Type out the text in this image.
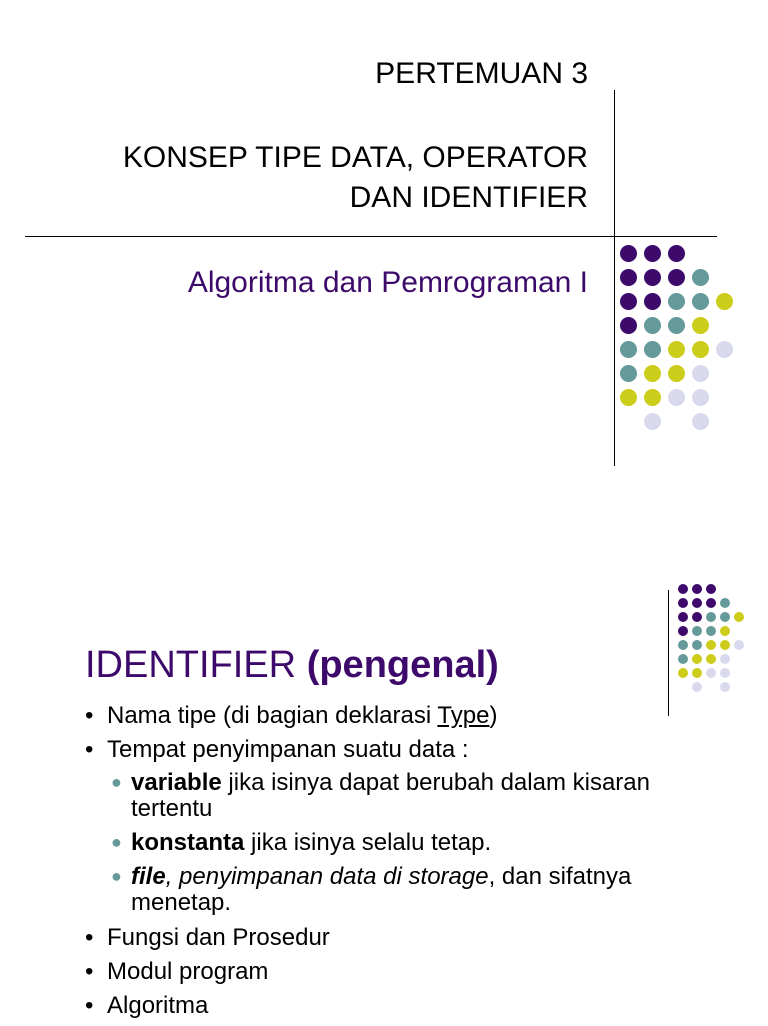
PERTEMUAN 3
KONSEP TIPE DATA, OPERATOR
DAN IDENTIFIER
Algoritma dan Pemrograman I
IDENTIFIER (pengenal)
• Nama tipe (di bagian deklarasi Type)
• Tempat penyimpanan suatu data :
● variable jika isinya dapat berubah dalam kisaran tertentu
● konstanta jika isinya selalu tetap.
● file, penyimpanan data di storage, dan sifatnya menetap.
• Fungsi dan Prosedur
• Modul program
• Algoritma
